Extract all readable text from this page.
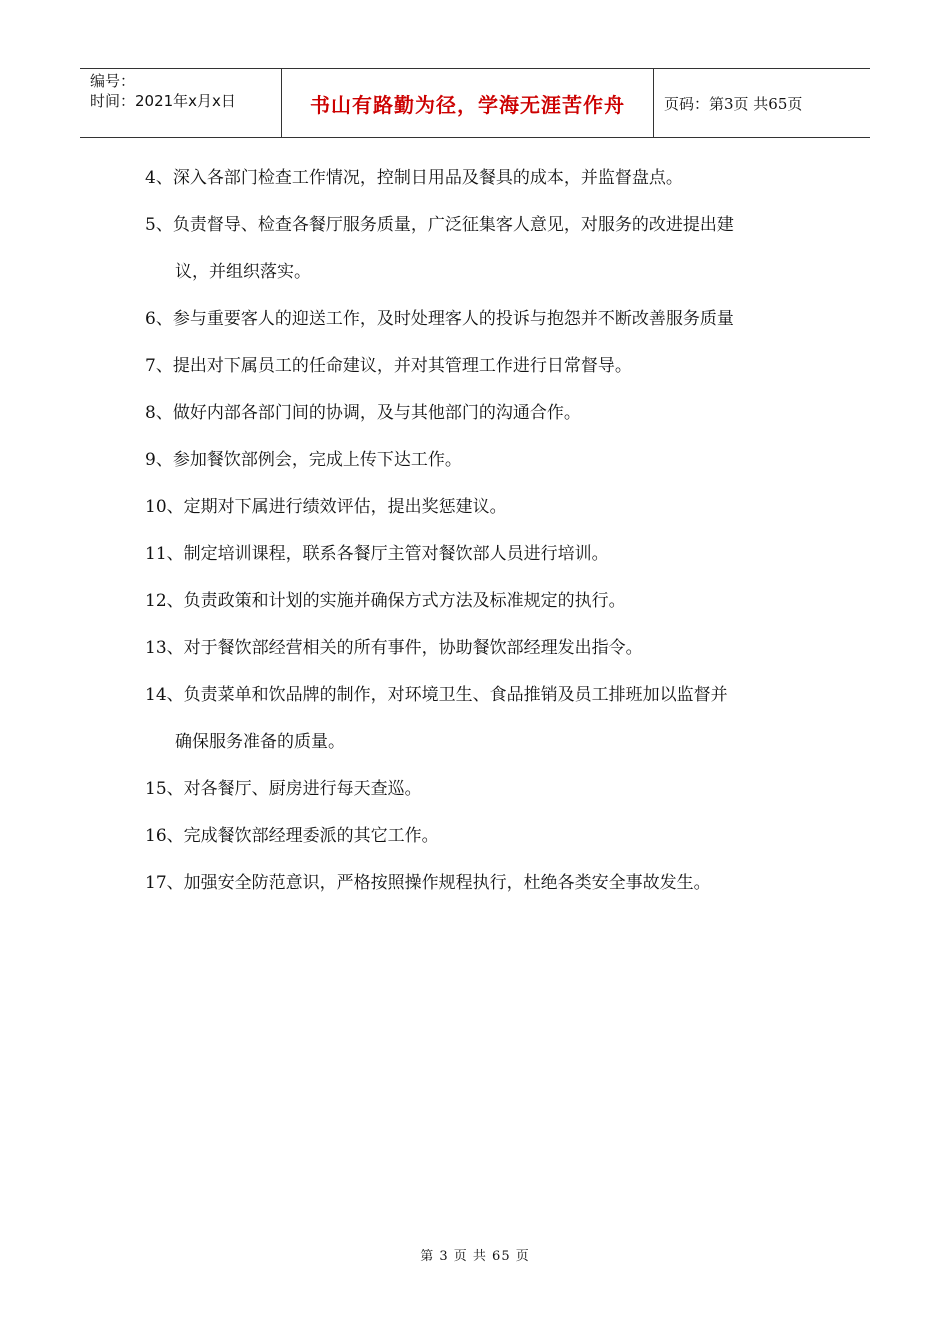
编号：
时间：2021年x月x日	书山有路勤为径，学海无涯苦作舟	页码：第3页 共65页
4、深入各部门检查工作情况，控制日用品及餐具的成本，并监督盘点。
5、负责督导、检查各餐厅服务质量，广泛征集客人意见，对服务的改进提出建
议，并组织落实。
6、参与重要客人的迎送工作，及时处理客人的投诉与抱怨并不断改善服务质量
7、提出对下属员工的任命建议，并对其管理工作进行日常督导。
8、做好内部各部门间的协调，及与其他部门的沟通合作。
9、参加餐饮部例会，完成上传下达工作。
10、定期对下属进行绩效评估，提出奖惩建议。
11、制定培训课程，联系各餐厅主管对餐饮部人员进行培训。
12、负责政策和计划的实施并确保方式方法及标准规定的执行。
13、对于餐饮部经营相关的所有事件，协助餐饮部经理发出指令。
14、负责菜单和饮品牌的制作，对环境卫生、食品推销及员工排班加以监督并
确保服务准备的质量。
15、对各餐厅、厨房进行每天查巡。
16、完成餐饮部经理委派的其它工作。
17、加强安全防范意识，严格按照操作规程执行，杜绝各类安全事故发生。
第 3 页 共 65 页
